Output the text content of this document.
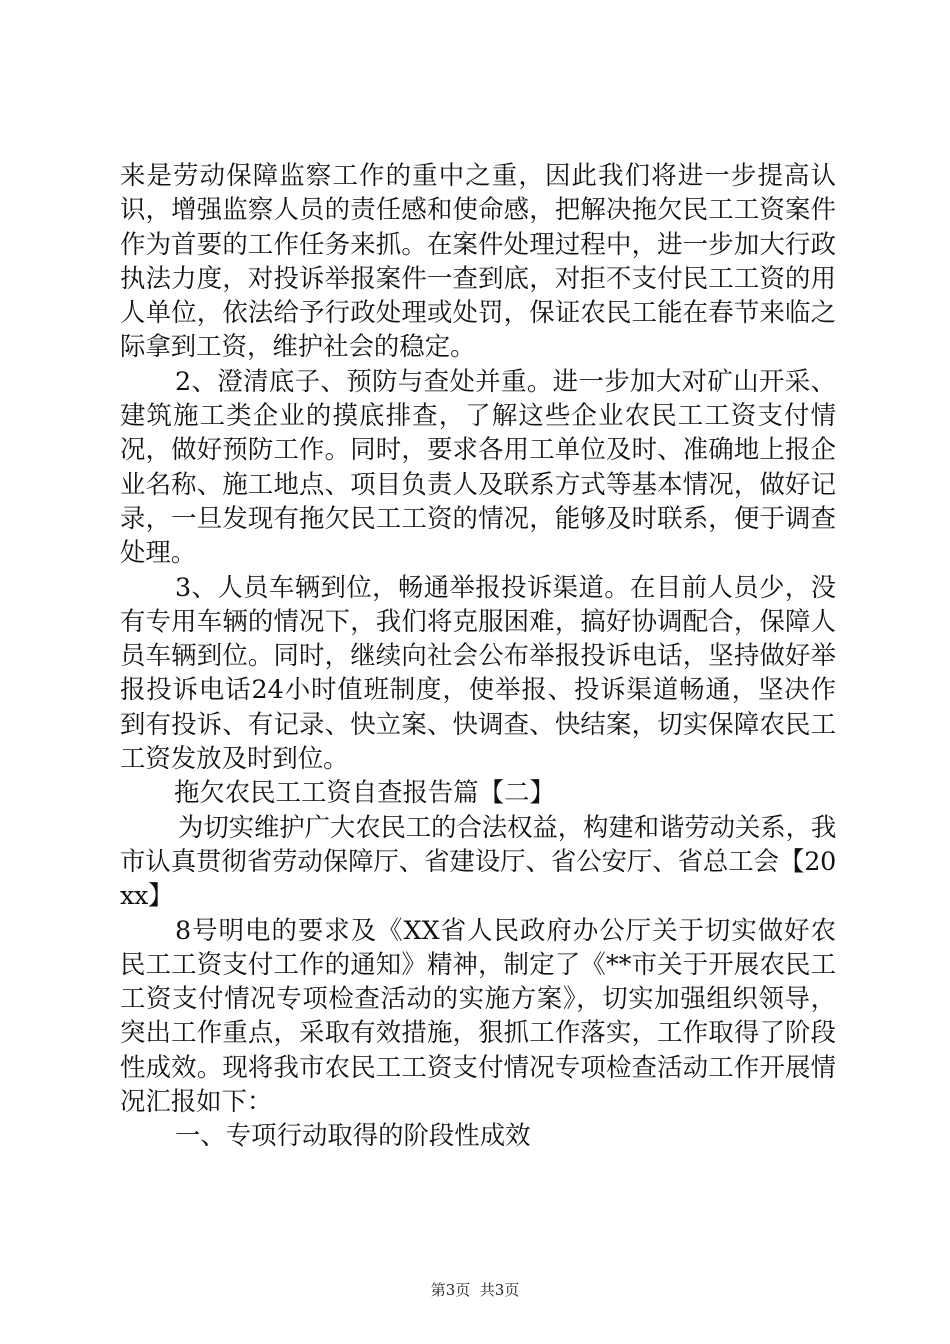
来是劳动保障监察工作的重中之重，因此我们将进一步提高认识，增强监察人员的责任感和使命感，把解决拖欠民工工资案件作为首要的工作任务来抓。在案件处理过程中，进一步加大行政执法力度，对投诉举报案件一查到底，对拒不支付民工工资的用人单位，依法给予行政处理或处罚，保证农民工能在春节来临之际拿到工资，维护社会的稳定。

2、澄清底子、预防与查处并重。进一步加大对矿山开采、建筑施工类企业的摸底排查，了解这些企业农民工工资支付情况，做好预防工作。同时，要求各用工单位及时、准确地上报企业名称、施工地点、项目负责人及联系方式等基本情况，做好记录，一旦发现有拖欠民工工资的情况，能够及时联系，便于调查处理。

3、人员车辆到位，畅通举报投诉渠道。在目前人员少，没有专用车辆的情况下，我们将克服困难，搞好协调配合，保障人员车辆到位。同时，继续向社会公布举报投诉电话，坚持做好举报投诉电话24小时值班制度，使举报、投诉渠道畅通，坚决作到有投诉、有记录、快立案、快调查、快结案，切实保障农民工工资发放及时到位。

拖欠农民工工资自查报告篇【二】

为切实维护广大农民工的合法权益，构建和谐劳动关系，我市认真贯彻省劳动保障厅、省建设厅、省公安厅、省总工会【20xx】

8号明电的要求及《XX省人民政府办公厅关于切实做好农民工工资支付工作的通知》精神，制定了《**市关于开展农民工工资支付情况专项检查活动的实施方案》，切实加强组织领导，突出工作重点，采取有效措施，狠抓工作落实，工作取得了阶段性成效。现将我市农民工工资支付情况专项检查活动工作开展情况汇报如下：

一、专项行动取得的阶段性成效

第3页  共3页
